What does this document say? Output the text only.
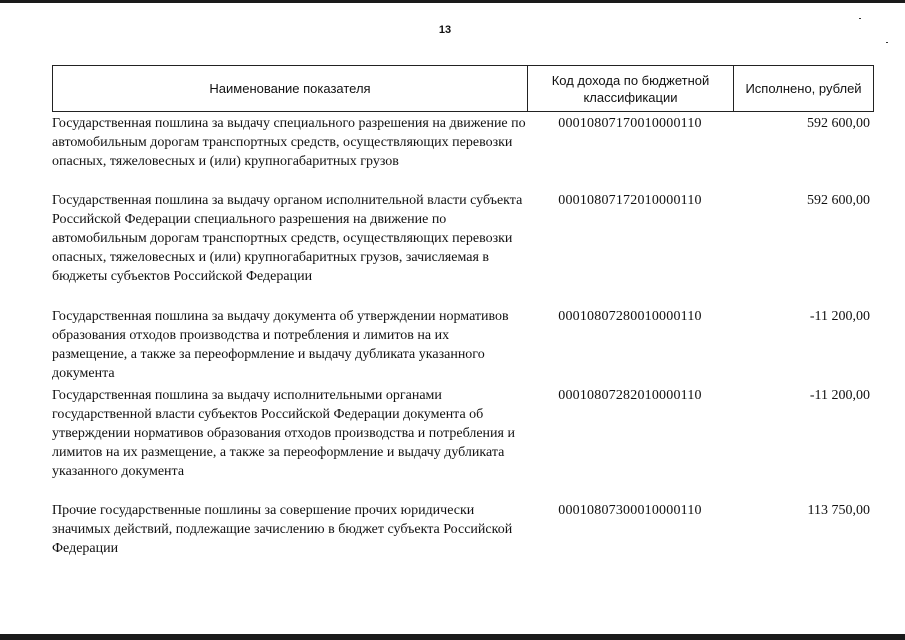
13
Наименование показателя	Код дохода по бюджетной классификации	Исполнено, рублей
Государственная пошлина за выдачу специального разрешения на движение по автомобильным дорогам транспортных средств, осуществляющих перевозки опасных, тяжеловесных и (или) крупногабаритных грузов
00010807170010000110	592 600,00
Государственная пошлина за выдачу органом исполнительной власти субъекта Российской Федерации специального разрешения на движение по автомобильным дорогам транспортных средств, осуществляющих перевозки опасных, тяжеловесных и (или) крупногабаритных грузов, зачисляемая в бюджеты субъектов Российской Федерации
00010807172010000110	592 600,00
Государственная пошлина за выдачу документа об утверждении нормативов образования отходов производства и потребления и лимитов на их размещение, а также за переоформление и выдачу дубликата указанного документа
00010807280010000110	-11 200,00
Государственная пошлина за выдачу исполнительными органами государственной власти субъектов Российской Федерации документа об утверждении нормативов образования отходов производства и потребления и лимитов на их размещение, а также за переоформление и выдачу дубликата указанного документа
00010807282010000110	-11 200,00
Прочие государственные пошлины за совершение прочих юридически значимых действий, подлежащие зачислению в бюджет субъекта Российской Федерации
00010807300010000110	113 750,00
